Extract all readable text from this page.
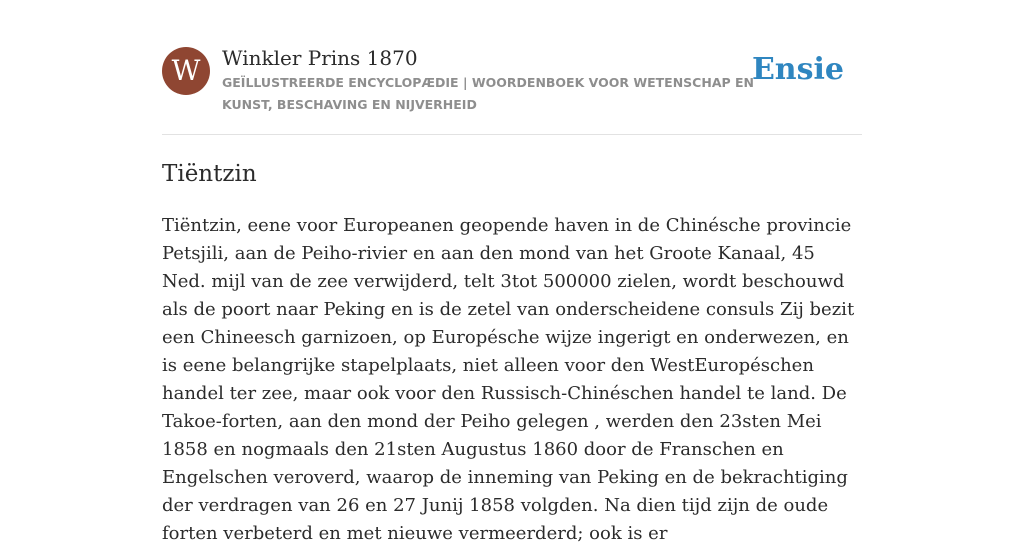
W	Winkler Prins 1870
GEÏLLUSTREERDE ENCYCLOPÆDIE | WOORDENBOEK VOOR WETENSCHAP EN KUNST, BESCHAVING EN NIJVERHEID
Ensie
Tiëntzin

Tiëntzin, eene voor Europeanen geopende haven in de Chinésche provincie Petsjili, aan de Peiho-rivier en aan den mond van het Groote Kanaal, 45 Ned. mijl van de zee verwijderd, telt 3tot 500000 zielen, wordt beschouwd als de poort naar Peking en is de zetel van onderscheidene consuls Zij bezit een Chineesch garnizoen, op Europésche wijze ingerigt en onderwezen, en is eene belangrijke stapelplaats, niet alleen voor den WestEuropéschen handel ter zee, maar ook voor den Russisch-Chinéschen handel te land. De Takoe-forten, aan den mond der Peiho gelegen , werden den 23sten Mei 1858 en nogmaals den 21sten Augustus 1860 door de Franschen en Engelschen veroverd, waarop de inneming van Peking en de bekrachtiging der verdragen van 26 en 27 Junij 1858 volgden. Na dien tijd zijn de oude forten verbeterd en met nieuwe vermeerderd; ook is er
